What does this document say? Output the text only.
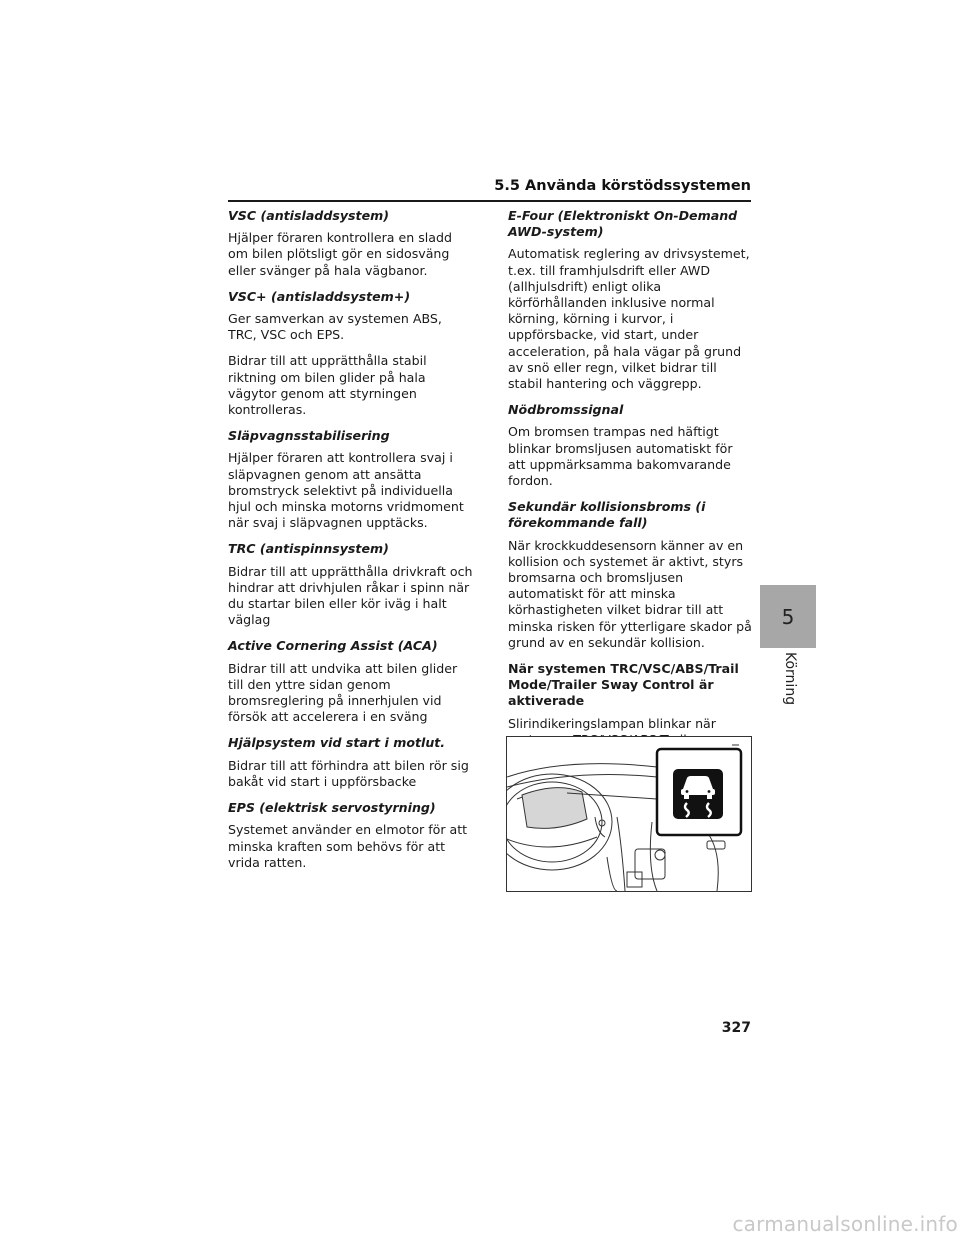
5.5 Använda körstödssystemen
VSC (antisladdsystem)
Hjälper föraren kontrollera en sladd om bilen plötsligt gör en sidosväng eller svänger på hala vägbanor.
VSC+ (antisladdsystem+)
Ger samverkan av systemen ABS, TRC, VSC och EPS.
Bidrar till att upprätthålla stabil riktning om bilen glider på hala vägytor genom att styrningen kontrolleras.
Släpvagnsstabilisering
Hjälper föraren att kontrollera svaj i släpvagnen genom att ansätta bromstryck selektivt på individuella hjul och minska motorns vridmoment när svaj i släpvagnen upptäcks.
TRC (antispinnsystem)
Bidrar till att upprätthålla drivkraft och hindrar att drivhjulen råkar i spinn när du startar bilen eller kör iväg i halt väglag
Active Cornering Assist (ACA)
Bidrar till att undvika att bilen glider till den yttre sidan genom bromsreglering på innerhjulen vid försök att accelerera i en sväng
Hjälpsystem vid start i motlut.
Bidrar till att förhindra att bilen rör sig bakåt vid start i uppförsbacke
EPS (elektrisk servostyrning)
Systemet använder en elmotor för att minska kraften som behövs för att vrida ratten.
E-Four (Elektroniskt On-Demand AWD-system)
Automatisk reglering av drivsystemet, t.ex. till framhjulsdrift eller AWD (allhjulsdrift) enligt olika körförhållanden inklusive normal körning, körning i kurvor, i uppförsbacke, vid start, under acceleration, på hala vägar på grund av snö eller regn, vilket bidrar till stabil hantering och väggrepp.
Nödbromssignal
Om bromsen trampas ned häftigt blinkar bromsljusen automatiskt för att uppmärksamma bakomvarande fordon.
Sekundär kollisionsbroms (i förekommande fall)
När krockkuddesensorn känner av en kollision och systemet är aktivt, styrs bromsarna och bromsljusen automatiskt för att minska körhastigheten vilket bidrar till att minska risken för ytterligare skador på grund av en sekundär kollision.
När systemen TRC/VSC/ABS/Trail Mode/Trailer Sway Control är aktiverade
Slirindikeringslampan blinkar när
5
Körning
327
carmanualsonline.info
